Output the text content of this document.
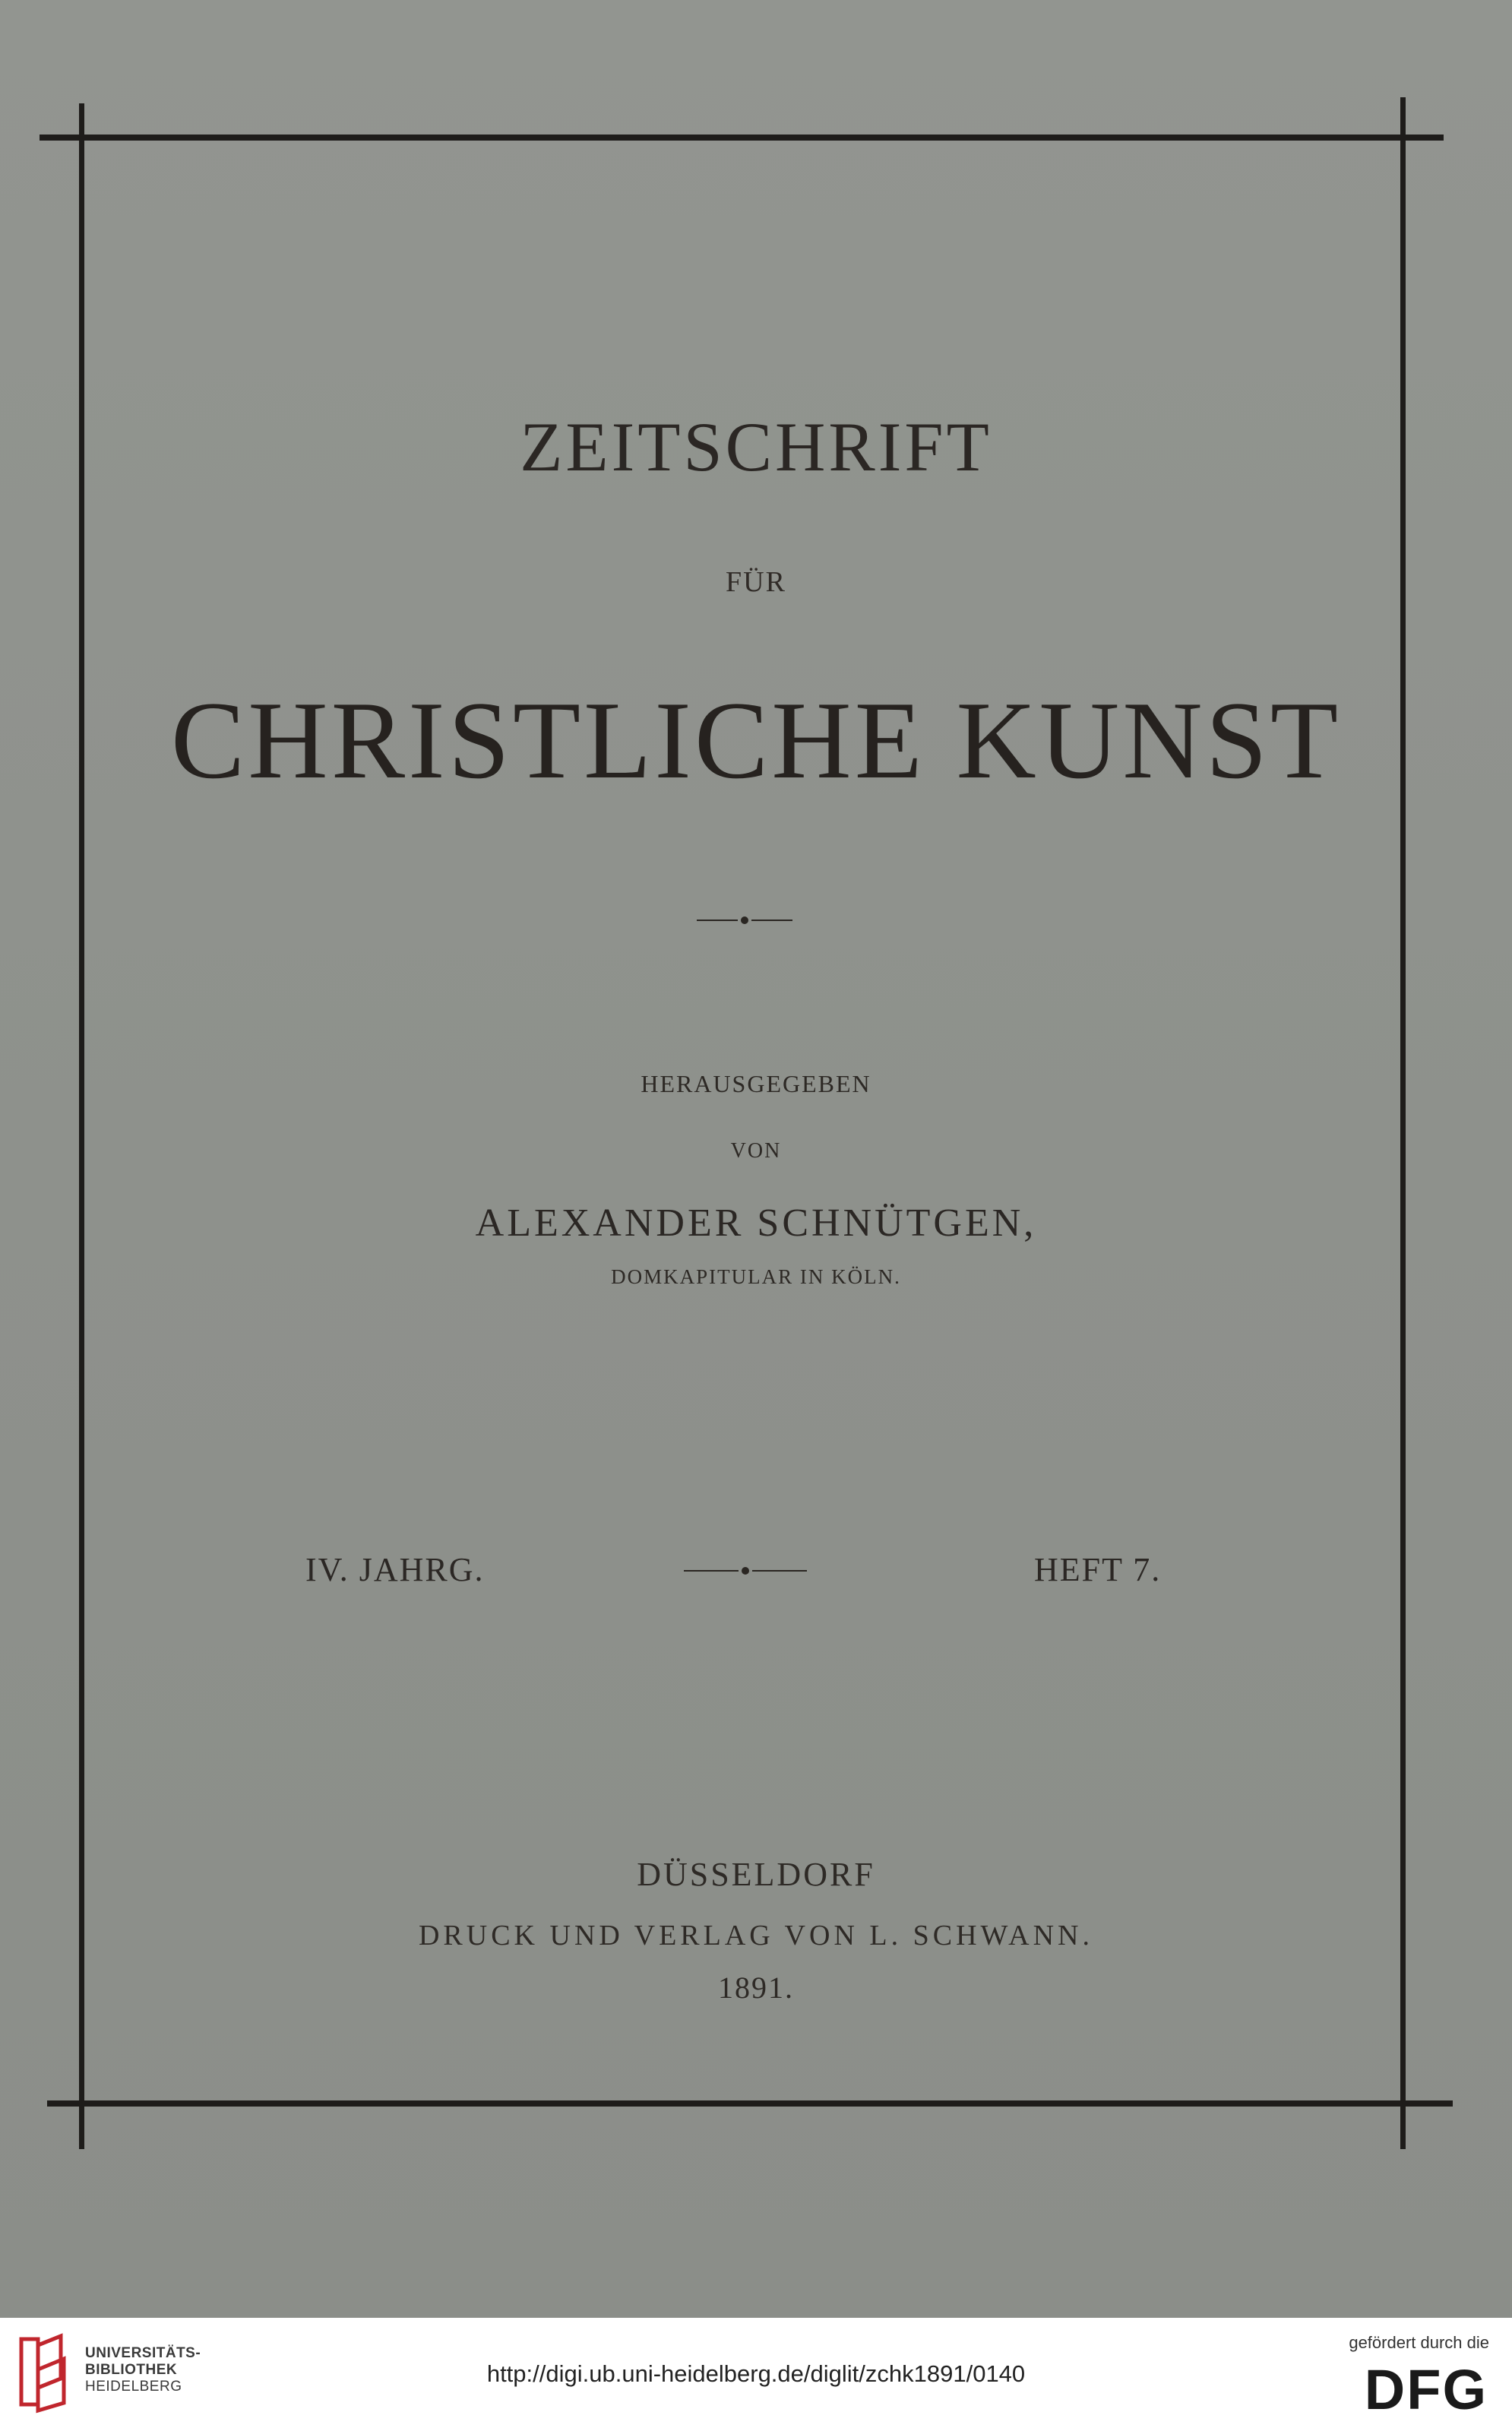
ZEITSCHRIFT
FÜR
CHRISTLICHE KUNST
HERAUSGEGEBEN
VON
ALEXANDER SCHNÜTGEN,
DOMKAPITULAR IN KÖLN.
IV. JAHRG.	HEFT 7.
DÜSSELDORF
DRUCK UND VERLAG VON L. SCHWANN.
1891.
UNIVERSITÄTS-
BIBLIOTHEK
HEIDELBERG	http://digi.ub.uni-heidelberg.de/diglit/zchk1891/0140
gefördert durch die
DFG
